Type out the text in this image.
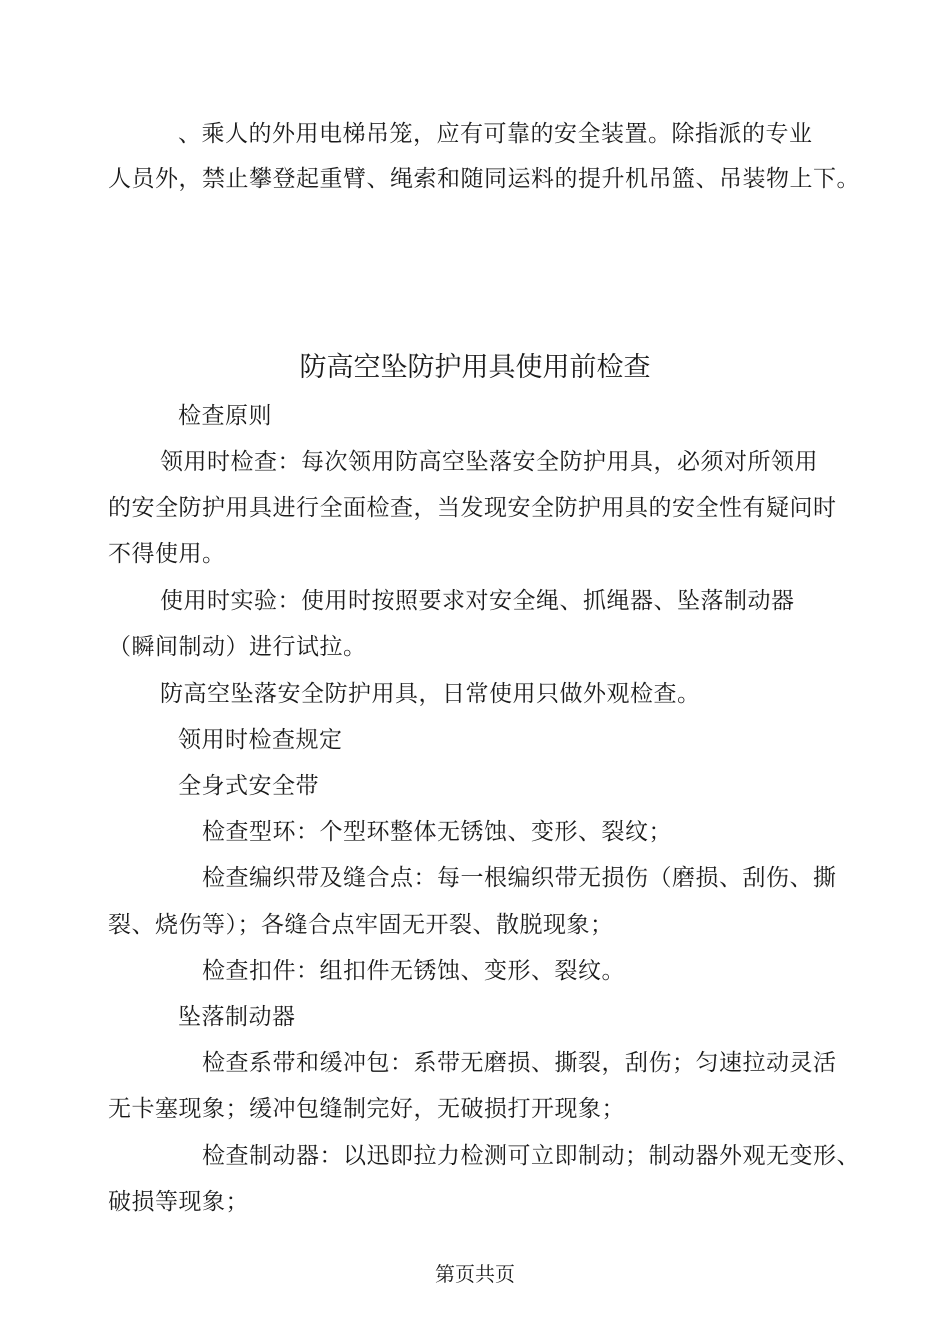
、乘人的外用电梯吊笼，应有可靠的安全装置。除指派的专业
人员外，禁止攀登起重臂、绳索和随同运料的提升机吊篮、吊装物上下。
防高空坠防护用具使用前检查
检查原则
领用时检查：每次领用防高空坠落安全防护用具，必须对所领用
的安全防护用具进行全面检查，当发现安全防护用具的安全性有疑问时
不得使用。
使用时实验：使用时按照要求对安全绳、抓绳器、坠落制动器
（瞬间制动）进行试拉。
防高空坠落安全防护用具，日常使用只做外观检查。
领用时检查规定
全身式安全带
检查型环：个型环整体无锈蚀、变形、裂纹；
检查编织带及缝合点：每一根编织带无损伤（磨损、刮伤、撕
裂、烧伤等）；各缝合点牢固无开裂、散脱现象；
检查扣件：组扣件无锈蚀、变形、裂纹。
坠落制动器
检查系带和缓冲包：系带无磨损、撕裂，刮伤；匀速拉动灵活
无卡塞现象；缓冲包缝制完好，无破损打开现象；
检查制动器：以迅即拉力检测可立即制动；制动器外观无变形、
破损等现象；
第页共页
